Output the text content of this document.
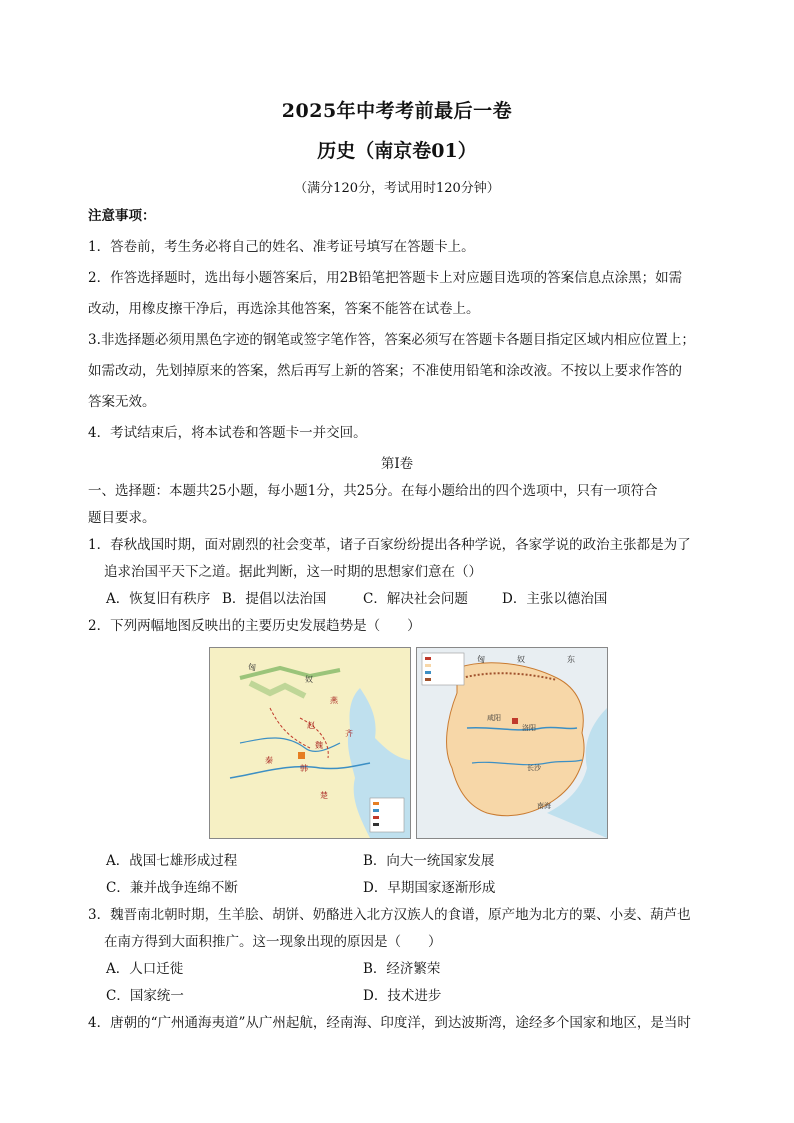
2025年中考考前最后一卷
历史（南京卷01）
（满分120分，考试用时120分钟）
注意事项：
1．答卷前，考生务必将自己的姓名、准考证号填写在答题卡上。
2．作答选择题时，选出每小题答案后，用2B铅笔把答题卡上对应题目选项的答案信息点涂黑；如需
改动，用橡皮擦干净后，再选涂其他答案，答案不能答在试卷上。
3.非选择题必须用黑色字迹的钢笔或签字笔作答，答案必须写在答题卡各题目指定区域内相应位置上；
如需改动，先划掉原来的答案，然后再写上新的答案；不准使用铅笔和涂改液。不按以上要求作答的
答案无效。
4．考试结束后，将本试卷和答题卡一并交回。
第Ⅰ卷
一、选择题：本题共25小题，每小题1分，共25分。在每小题给出的四个选项中，只有一项符合
题目要求。
1．春秋战国时期，面对剧烈的社会变革，诸子百家纷纷提出各种学说，各家学说的政治主张都是为了
追求治国平天下之道。据此判断，这一时期的思想家们意在（）
A．恢复旧有秩序 B．提倡以法治国	C．解决社会问题	D．主张以德治国
2．下列两幅地图反映出的主要历史发展趋势是（　　）
匈
奴
燕
赵
齐
秦
韩
魏
楚
匈	奴	东
咸阳
洛阳
长沙
南海
A．战国七雄形成过程	B．向大一统国家发展
C．兼并战争连绵不断	D．早期国家逐渐形成
3．魏晋南北朝时期，生羊脍、胡饼、奶酪进入北方汉族人的食谱，原产地为北方的粟、小麦、葫芦也
在南方得到大面积推广。这一现象出现的原因是（　　）
A．人口迁徙	B．经济繁荣
C．国家统一	D．技术进步
4．唐朝的“广州通海夷道”从广州起航，经南海、印度洋，到达波斯湾，途经多个国家和地区，是当时
